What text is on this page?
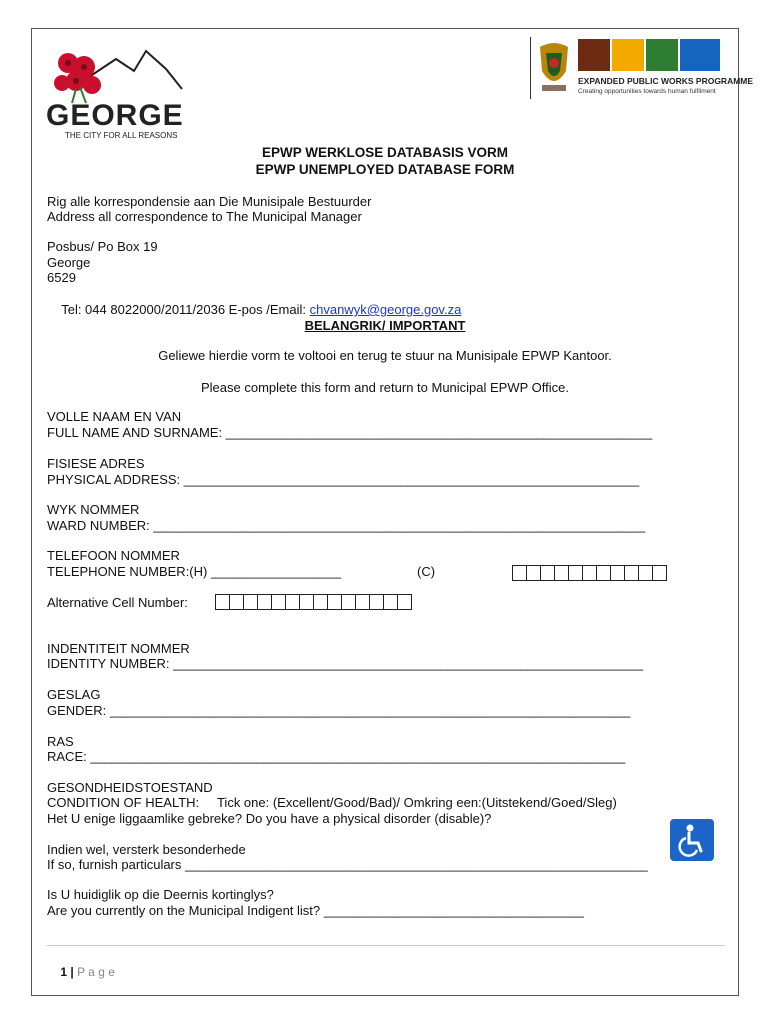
GEORGE
THE CITY FOR ALL REASONS
EXPANDED PUBLIC WORKS PROGRAMME
Creating opportunities towards human fulfilment
EPWP WERKLOSE DATABASIS VORM
EPWP UNEMPLOYED DATABASE FORM
Rig alle korrespondensie aan Die Munisipale Bestuurder
Address all correspondence to The Municipal Manager
Posbus/ Po Box 19
George
6529

Tel: 044 8022000/2011/2036 E-pos /Email: chvanwyk@george.gov.za

BELANGRIK/ IMPORTANT
Geliewe hierdie vorm te voltooi en terug te stuur na Munisipale EPWP Kantoor.
Please complete this form and return to Municipal EPWP Office.
VOLLE NAAM EN VAN
FULL NAME AND SURNAME: ___________________________________________________________
FISIESE ADRES
PHYSICAL ADDRESS: _______________________________________________________________
WYK NOMMER
WARD NUMBER: ____________________________________________________________________
TELEFOON NOMMER
TELEPHONE NUMBER:(H) __________________	(C)
Alternative Cell Number:
INDENTITEIT NOMMER
IDENTITY NUMBER: _________________________________________________________________
GESLAG
GENDER: ________________________________________________________________________
RAS
RACE: __________________________________________________________________________
GESONDHEIDSTOESTAND
CONDITION OF HEALTH:     Tick one: (Excellent/Good/Bad)/ Omkring een:(Uitstekend/Goed/Sleg)
Het U enige liggaamlike gebreke? Do you have a physical disorder (disable)?
Indien wel, versterk besonderhede
If so, furnish particulars ________________________________________________________________
Is U huidiglik op die Deernis kortinglys?
Are you currently on the Municipal Indigent list? ____________________________________

1 | P a g e
